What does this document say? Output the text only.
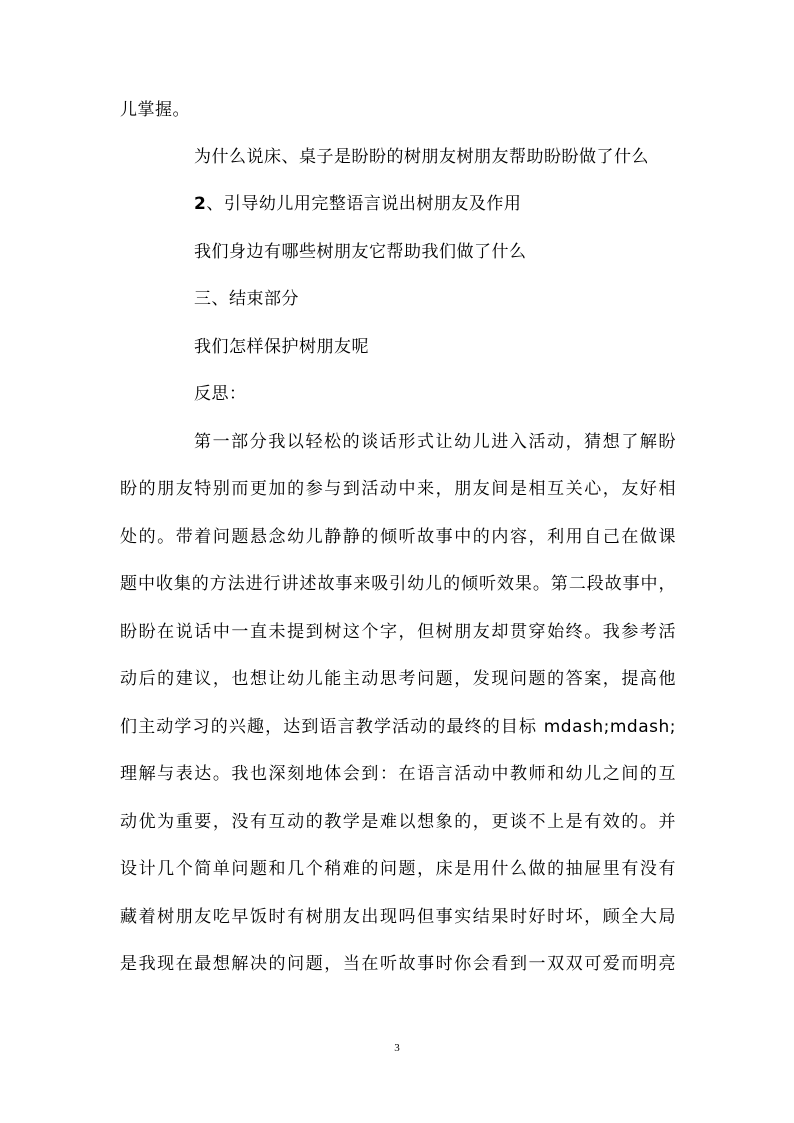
儿掌握。
为什么说床、桌子是盼盼的树朋友树朋友帮助盼盼做了什么
2、引导幼儿用完整语言说出树朋友及作用
我们身边有哪些树朋友它帮助我们做了什么
三、结束部分
我们怎样保护树朋友呢
反思：
第一部分我以轻松的谈话形式让幼儿进入活动，猜想了解盼
盼的朋友特别而更加的参与到活动中来，朋友间是相互关心，友好相
处的。带着问题悬念幼儿静静的倾听故事中的内容，利用自己在做课
题中收集的方法进行讲述故事来吸引幼儿的倾听效果。第二段故事中，
盼盼在说话中一直未提到树这个字，但树朋友却贯穿始终。我参考活
动后的建议，也想让幼儿能主动思考问题，发现问题的答案，提高他
们主动学习的兴趣，达到语言教学活动的最终的目标 mdash;mdash;
理解与表达。我也深刻地体会到：在语言活动中教师和幼儿之间的互
动优为重要，没有互动的教学是难以想象的，更谈不上是有效的。并
设计几个简单问题和几个稍难的问题，床是用什么做的抽屉里有没有
藏着树朋友吃早饭时有树朋友出现吗但事实结果时好时坏，顾全大局
是我现在最想解决的问题，当在听故事时你会看到一双双可爱而明亮
3
